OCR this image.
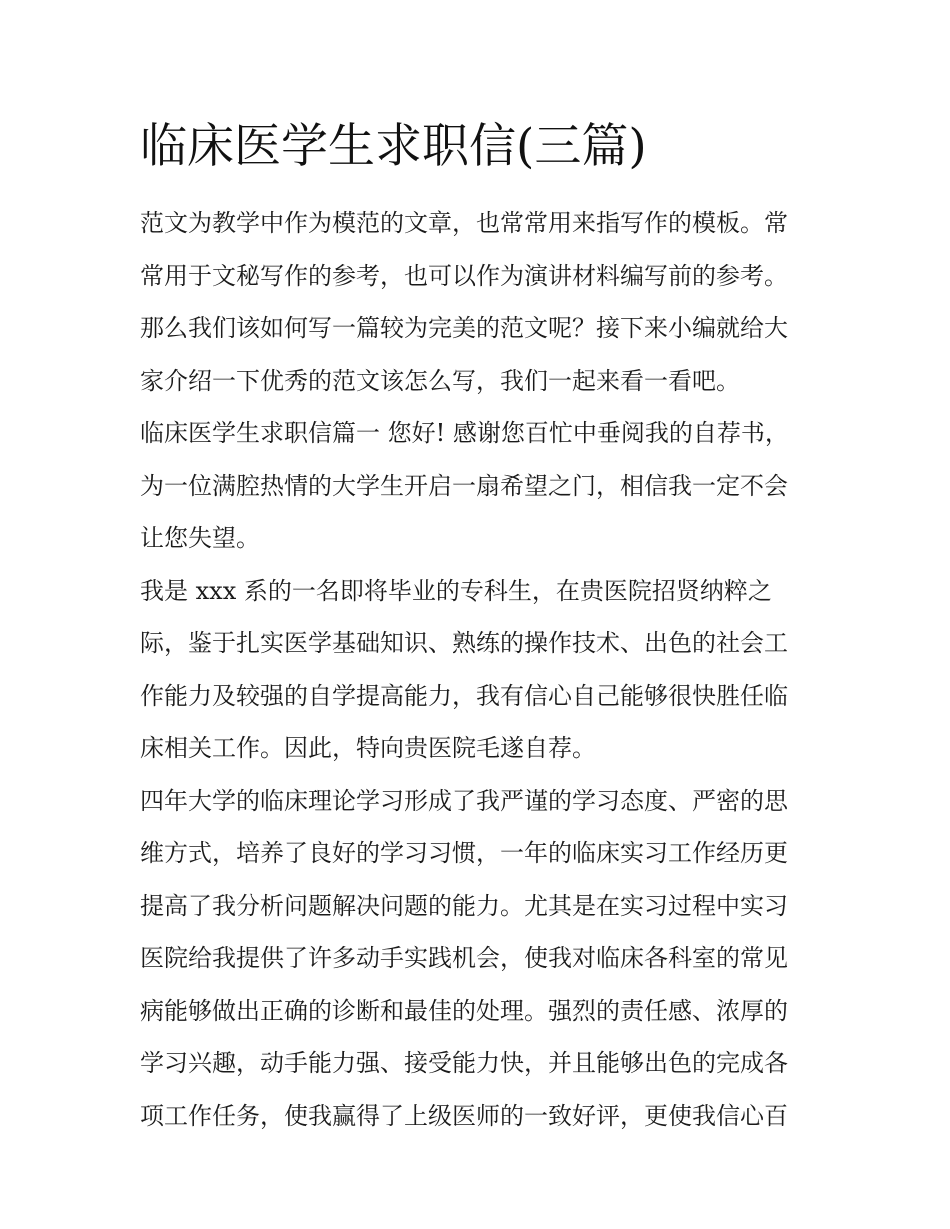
临床医学生求职信(三篇)
范文为教学中作为模范的文章，也常常用来指写作的模板。常
常用于文秘写作的参考，也可以作为演讲材料编写前的参考。
那么我们该如何写一篇较为完美的范文呢？接下来小编就给大
家介绍一下优秀的范文该怎么写，我们一起来看一看吧。
临床医学生求职信篇一 您好! 感谢您百忙中垂阅我的自荐书，
为一位满腔热情的大学生开启一扇希望之门，相信我一定不会
让您失望。
我是 xxx 系的一名即将毕业的专科生，在贵医院招贤纳粹之
际，鉴于扎实医学基础知识、熟练的操作技术、出色的社会工
作能力及较强的自学提高能力，我有信心自己能够很快胜任临
床相关工作。因此，特向贵医院毛遂自荐。
四年大学的临床理论学习形成了我严谨的学习态度、严密的思
维方式，培养了良好的学习习惯，一年的临床实习工作经历更
提高了我分析问题解决问题的能力。尤其是在实习过程中实习
医院给我提供了许多动手实践机会，使我对临床各科室的常见
病能够做出正确的诊断和最佳的处理。强烈的责任感、浓厚的
学习兴趣，动手能力强、接受能力快，并且能够出色的完成各
项工作任务，使我赢得了上级医师的一致好评，更使我信心百
